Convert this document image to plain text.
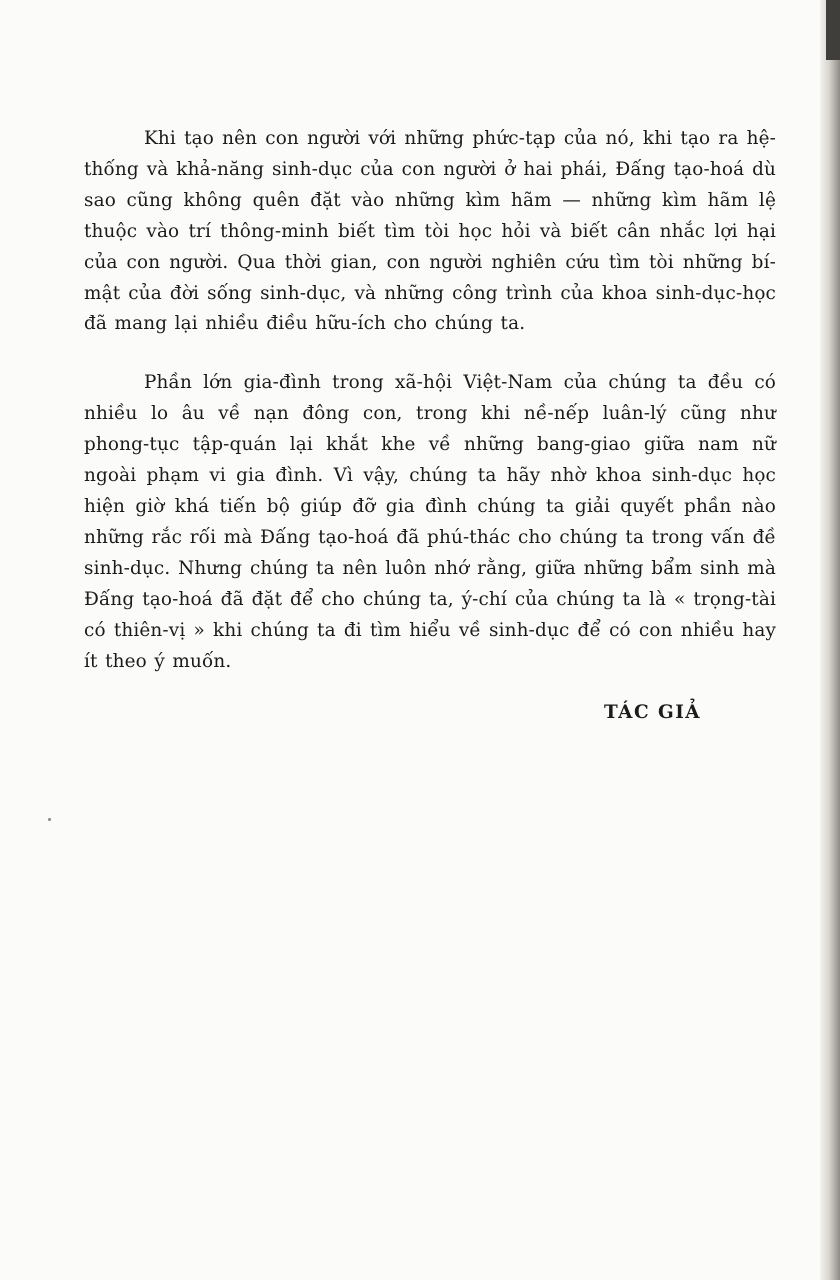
Khi tạo nên con người với những phức-tạp của nó, khi tạo ra hệ-thống và khả-năng sinh-dục của con người ở hai phái, Đấng tạo-hoá dù sao cũng không quên đặt vào những kìm hãm — những kìm hãm lệ thuộc vào trí thông-minh biết tìm tòi học hỏi và biết cân nhắc lợi hại của con người. Qua thời gian, con người nghiên cứu tìm tòi những bí-mật của đời sống sinh-dục, và những công trình của khoa sinh-dục-học đã mang lại nhiều điều hữu-ích cho chúng ta.

Phần lớn gia-đình trong xã-hội Việt-Nam của chúng ta đều có nhiều lo âu về nạn đông con, trong khi nề-nếp luân-lý cũng như phong-tục tập-quán lại khắt khe về những bang-giao giữa nam nữ ngoài phạm vi gia đình. Vì vậy, chúng ta hãy nhờ khoa sinh-dục học hiện giờ khá tiến bộ giúp đỡ gia đình chúng ta giải quyết phần nào những rắc rối mà Đấng tạo-hoá đã phú-thác cho chúng ta trong vấn đề sinh-dục. Nhưng chúng ta nên luôn nhớ rằng, giữa những bẩm sinh mà Đấng tạo-hoá đã đặt để cho chúng ta, ý-chí của chúng ta là « trọng-tài có thiên-vị » khi chúng ta đi tìm hiểu về sinh-dục để có con nhiều hay ít theo ý muốn.

TÁC GIẢ
